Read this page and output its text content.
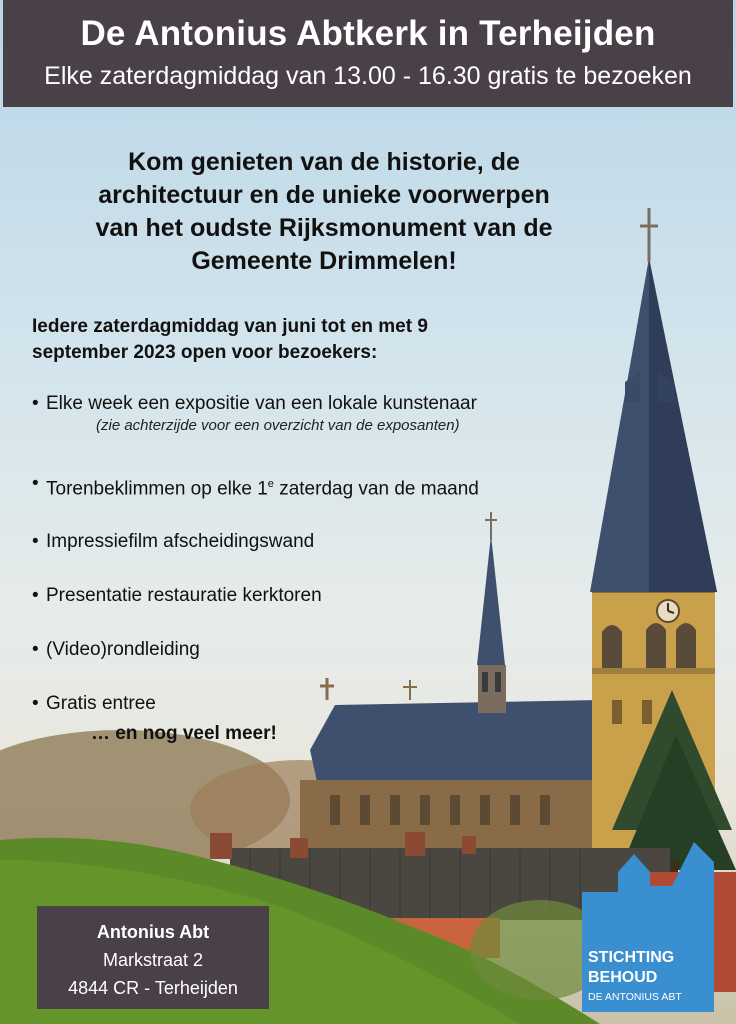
De Antonius Abtkerk in Terheijden

Elke zaterdagmiddag van 13.00 - 16.30 gratis te bezoeken

Kom genieten van de historie, de
architectuur en de unieke voorwerpen
van het oudste Rijksmonument van de
Gemeente Drimmelen!
Iedere zaterdagmiddag van juni tot en met 9
september 2023 open voor bezoekers:
• Elke week een expositie van een lokale kunstenaar
(zie achterzijde voor een overzicht van de exposanten)
• Torenbeklimmen op elke 1e zaterdag van de maand
• Impressiefilm afscheidingswand
• Presentatie restauratie kerktoren
• (Video)rondleiding
• Gratis entree
… en nog veel meer!
Antonius Abt
Markstraat 2
4844 CR - Terheijden
STICHTING
BEHOUD
DE ANTONIUS ABT
